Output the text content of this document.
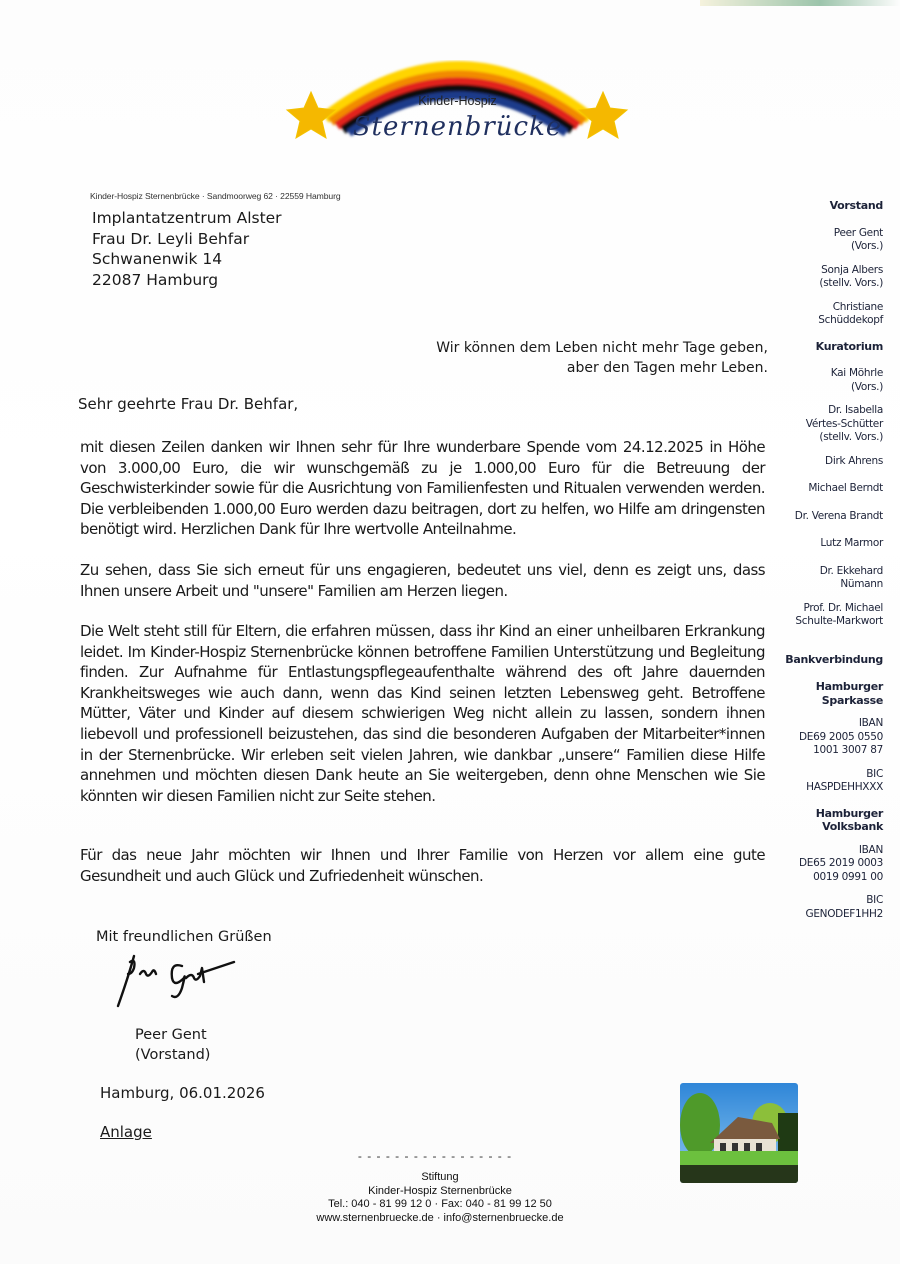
Kinder-Hospiz
Sternenbrücke
Kinder-Hospiz Sternenbrücke · Sandmoorweg 62 · 22559 Hamburg
Implantatzentrum Alster
Frau Dr. Leyli Behfar
Schwanenwik 14
22087 Hamburg
Wir können dem Leben nicht mehr Tage geben,
aber den Tagen mehr Leben.
Sehr geehrte Frau Dr. Behfar,
mit diesen Zeilen danken wir Ihnen sehr für Ihre wunderbare Spende vom 24.12.2025 in Höhe von 3.000,00 Euro, die wir wunschgemäß zu je 1.000,00 Euro für die Betreuung der Geschwisterkinder sowie für die Ausrichtung von Familienfesten und Ritualen verwenden werden. Die verbleibenden 1.000,00 Euro werden dazu beitragen, dort zu helfen, wo Hilfe am dringensten benötigt wird. Herzlichen Dank für Ihre wertvolle Anteilnahme.
Zu sehen, dass Sie sich erneut für uns engagieren, bedeutet uns viel, denn es zeigt uns, dass Ihnen unsere Arbeit und "unsere" Familien am Herzen liegen.
Die Welt steht still für Eltern, die erfahren müssen, dass ihr Kind an einer unheilbaren Erkrankung leidet. Im Kinder-Hospiz Sternenbrücke können betroffene Familien Unterstützung und Begleitung finden. Zur Aufnahme für Entlastungspflegeaufenthalte während des oft Jahre dauernden Krankheitsweges wie auch dann, wenn das Kind seinen letzten Lebensweg geht. Betroffene Mütter, Väter und Kinder auf diesem schwierigen Weg nicht allein zu lassen, sondern ihnen liebevoll und professionell beizustehen, das sind die besonderen Aufgaben der Mitarbeiter*innen in der Sternenbrücke. Wir erleben seit vielen Jahren, wie dankbar „unsere“ Familien diese Hilfe annehmen und möchten diesen Dank heute an Sie weitergeben, denn ohne Menschen wie Sie könnten wir diesen Familien nicht zur Seite stehen.
Für das neue Jahr möchten wir Ihnen und Ihrer Familie von Herzen vor allem eine gute Gesundheit und auch Glück und Zufriedenheit wünschen.
Mit freundlichen Grüßen
Peer Gent
(Vorstand)
Hamburg, 06.01.2026
Anlage
Vorstand
Peer Gent
(Vors.)
Sonja Albers
(stellv. Vors.)
Christiane
Schüddekopf
Kuratorium
Kai Möhrle
(Vors.)
Dr. Isabella
Vértes-Schütter
(stellv. Vors.)
Dirk Ahrens
Michael Berndt
Dr. Verena Brandt
Lutz Marmor
Dr. Ekkehard
Nümann
Prof. Dr. Michael
Schulte-Markwort
Bankverbindung
Hamburger
Sparkasse
IBAN
DE69 2005 0550
1001 3007 87
BIC
HASPDEHHXXX
Hamburger
Volksbank
IBAN
DE65 2019 0003
0019 0991 00
BIC
GENODEF1HH2
- - - - - - - - - - - - - - - - -
Stiftung
Kinder-Hospiz Sternenbrücke
Tel.: 040 - 81 99 12 0 · Fax: 040 - 81 99 12 50
www.sternenbruecke.de · info@sternenbruecke.de
